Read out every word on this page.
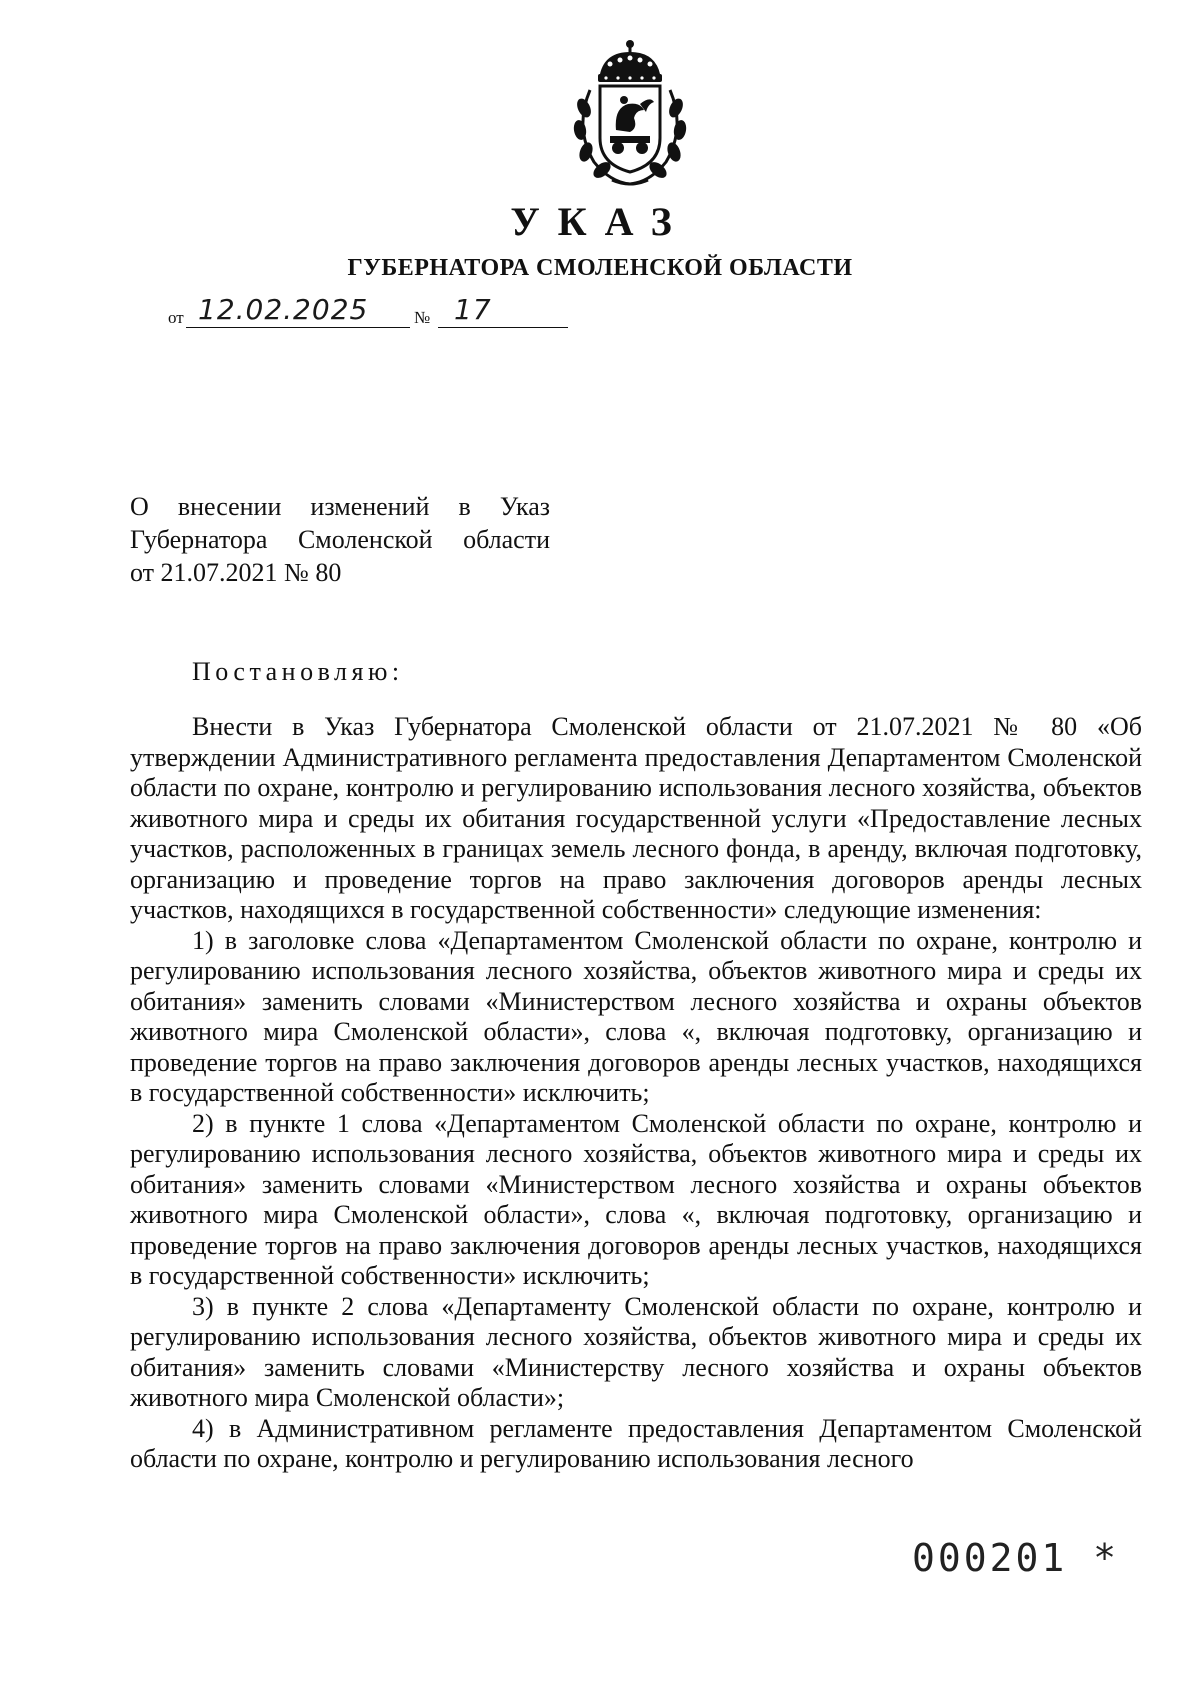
УКАЗ
ГУБЕРНАТОРА СМОЛЕНСКОЙ ОБЛАСТИ
от 12.02.2025	№ 17
О внесении изменений в Указ
Губернатора Смоленской области
от 21.07.2021 № 80
Постановляю:

Внести в Указ Губернатора Смоленской области от 21.07.2021 № 80 «Об утверждении Административного регламента предоставления Департаментом Смоленской области по охране, контролю и регулированию использования лесного хозяйства, объектов животного мира и среды их обитания государственной услуги «Предоставление лесных участков, расположенных в границах земель лесного фонда, в аренду, включая подготовку, организацию и проведение торгов на право заключения договоров аренды лесных участков, находящихся в государственной собственности» следующие изменения:

1) в заголовке слова «Департаментом Смоленской области по охране, контролю и регулированию использования лесного хозяйства, объектов животного мира и среды их обитания» заменить словами «Министерством лесного хозяйства и охраны объектов животного мира Смоленской области», слова «, включая подготовку, организацию и проведение торгов на право заключения договоров аренды лесных участков, находящихся в государственной собственности» исключить;

2) в пункте 1 слова «Департаментом Смоленской области по охране, контролю и регулированию использования лесного хозяйства, объектов животного мира и среды их обитания» заменить словами «Министерством лесного хозяйства и охраны объектов животного мира Смоленской области», слова «, включая подготовку, организацию и проведение торгов на право заключения договоров аренды лесных участков, находящихся в государственной собственности» исключить;

3) в пункте 2 слова «Департаменту Смоленской области по охране, контролю и регулированию использования лесного хозяйства, объектов животного мира и среды их обитания» заменить словами «Министерству лесного хозяйства и охраны объектов животного мира Смоленской области»;

4) в Административном регламенте предоставления Департаментом Смоленской области по охране, контролю и регулированию использования лесного

000201 *
